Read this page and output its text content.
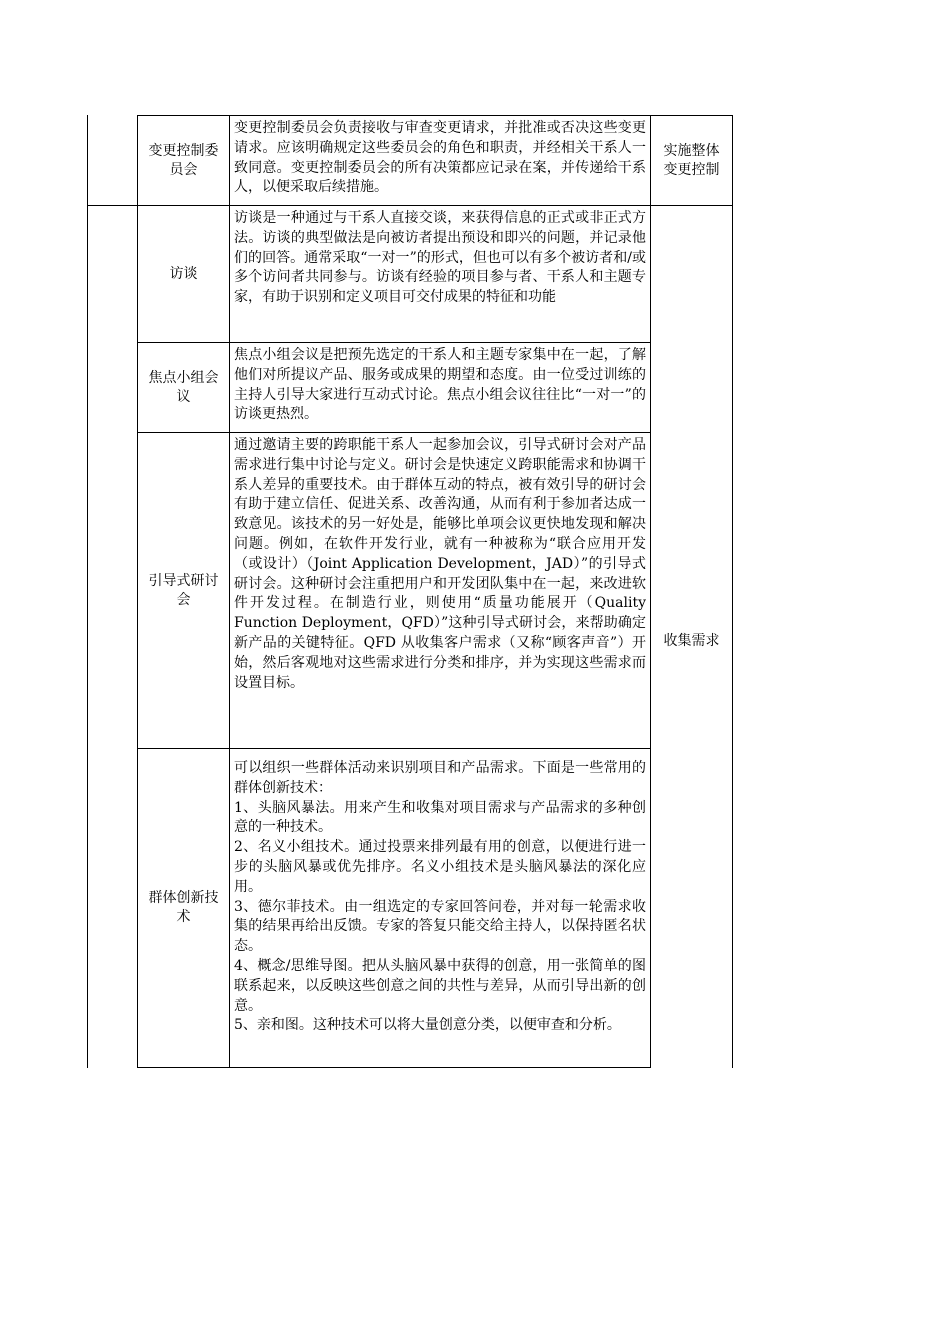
变更控制委员会
变更控制委员会负责接收与审查变更请求，并批准或否决这些变更请求。应该明确规定这些委员会的角色和职责，并经相关干系人一致同意。变更控制委员会的所有决策都应记录在案，并传递给干系人，以便采取后续措施。
实施整体变更控制
访谈
访谈是一种通过与干系人直接交谈，来获得信息的正式或非正式方法。访谈的典型做法是向被访者提出预设和即兴的问题，并记录他们的回答。通常采取“一对一”的形式，但也可以有多个被访者和/或多个访问者共同参与。访谈有经验的项目参与者、干系人和主题专家，有助于识别和定义项目可交付成果的特征和功能
焦点小组会议
焦点小组会议是把预先选定的干系人和主题专家集中在一起，了解他们对所提议产品、服务或成果的期望和态度。由一位受过训练的主持人引导大家进行互动式讨论。焦点小组会议往往比“一对一”的访谈更热烈。
引导式研讨会
通过邀请主要的跨职能干系人一起参加会议，引导式研讨会对产品需求进行集中讨论与定义。研讨会是快速定义跨职能需求和协调干系人差异的重要技术。由于群体互动的特点，被有效引导的研讨会有助于建立信任、促进关系、改善沟通，从而有利于参加者达成一致意见。该技术的另一好处是，能够比单项会议更快地发现和解决问题。例如，在软件开发行业，就有一种被称为“联合应用开发（或设计）（Joint Application Development，JAD）”的引导式研讨会。这种研讨会注重把用户和开发团队集中在一起，来改进软件开发过程。在制造行业，则使用“质量功能展开（Quality Function Deployment，QFD）”这种引导式研讨会，来帮助确定新产品的关键特征。QFD 从收集客户需求（又称“顾客声音”）开始，然后客观地对这些需求进行分类和排序，并为实现这些需求而设置目标。
群体创新技术
可以组织一些群体活动来识别项目和产品需求。下面是一些常用的群体创新技术：
1、头脑风暴法。用来产生和收集对项目需求与产品需求的多种创意的一种技术。
2、名义小组技术。通过投票来排列最有用的创意，以便进行进一步的头脑风暴或优先排序。名义小组技术是头脑风暴法的深化应用。
3、德尔菲技术。由一组选定的专家回答问卷，并对每一轮需求收集的结果再给出反馈。专家的答复只能交给主持人，以保持匿名状态。
4、概念/思维导图。把从头脑风暴中获得的创意，用一张简单的图联系起来，以反映这些创意之间的共性与差异，从而引导出新的创意。
5、亲和图。这种技术可以将大量创意分类，以便审查和分析。
收集需求
